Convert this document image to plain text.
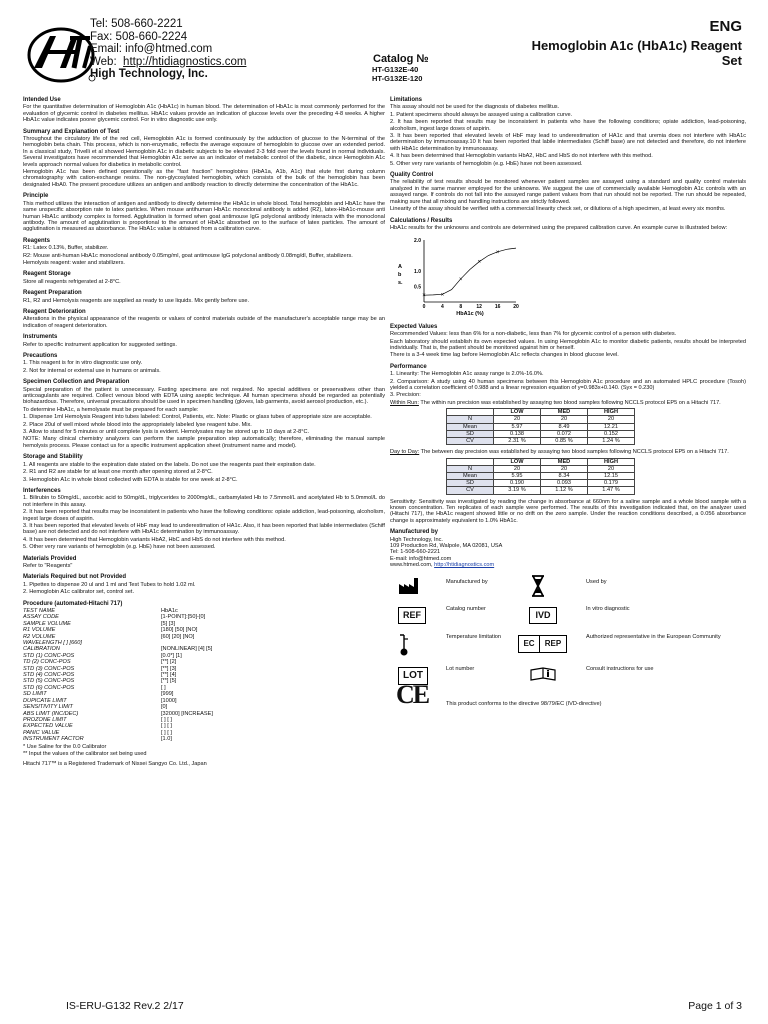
Tel: 508-660-2221
Fax: 508-660-2224
Email: info@htmed.com
Web:  http://htidiagnostics.com
High Technology, Inc.
ENG
Hemoglobin A1c (HbA1c) Reagent
Set
Catalog №
HT-G132E-40
HT-G132E-120
Intended Use

For the quantitative determination of Hemoglobin A1c (HbA1c) in human blood. The determination of HbA1c is most commonly performed for the evaluation of glycemic control in diabetes mellitus. HbA1c values provide an indication of glucose levels over the preceding 4-8 weeks. A higher HbA1c value indicates poorer glycemic control. For in vitro diagnostic use only.

Summary and Explanation of Test

Throughout the circulatory life of the red cell, Hemoglobin A1c is formed continuously by the adduction of glucose to the N-terminal of the hemoglobin beta chain. This process, which is non-enzymatic, reflects the average exposure of hemoglobin to glucose over an extended period. In a classical study, Trivelli et al showed Hemoglobin A1c in diabetic subjects to be elevated 2-3 fold over the levels found in normal individuals. Several investigators have recommended that Hemoglobin A1c serve as an indicator of metabolic control of the diabetic, since Hemoglobin A1c levels approach normal values for diabetics in metabolic control.

Hemoglobin A1c has been defined operationally as the "fast fraction" hemoglobins (HbA1a, A1b, A1c) that elute first during column chromatography with cation-exchange resins. The non-glycosylated hemoglobin, which consists of the bulk of the hemoglobin has been designated HbA0. The present procedure utilizes an antigen and antibody reaction to directly determine the concentration of the HbA1c.

Principle

This method utilizes the interaction of antigen and antibody to directly determine the HbA1c in whole blood. Total hemoglobin and HbA1c have the same unspecific absorption rate to latex particles. When mouse antihuman HbA1c monoclonal antibody is added (R2), latex-HbA1c-mouse anti human HbA1c antibody complex is formed. Agglutination is formed when goat antimouse IgG polyclonal antibody interacts with the monoclonal antibody. The amount of agglutination is proportional to the amount of HbA1c absorbed on to the surface of latex particles. The amount of agglutination is measured as absorbance. The HbA1c value is obtained from a calibration curve.

Reagents

R1: Latex 0.13%, Buffer, stabilizer.

R2: Mouse anti-human HbA1c monoclonal antibody 0.05mg/ml, goat antimouse IgG polyclonal antibody 0.08mg/dl, Buffer, stabilizers.

Hemolysis reagent: water and stabilizers.

Reagent Storage

Store all reagents refrigerated at 2-8°C.

Reagent Preparation

R1, R2 and Hemolysis reagents are supplied as ready to use liquids. Mix gently before use.

Reagent Deterioration

Alterations in the physical appearance of the reagents or values of control materials outside of the manufacturer's acceptable range may be an indication of reagent deterioration.

Instruments

Refer to specific instrument application for suggested settings.

Precautions

1. This reagent is for in vitro diagnostic use only.

2. Not for internal or external use in humans or animals.

Specimen Collection and Preparation

Special preparation of the patient is unnecessary. Fasting specimens are not required. No special additives or preservatives other than anticoagulants are required. Collect venous blood with EDTA using aseptic technique. All human specimens should be regarded as potentially biohazardous. Therefore, universal precautions should be used in specimen handling (gloves, lab garments, avoid aerosol production, etc.).

To determine HbA1c, a hemolysate must be prepared for each sample:

1. Dispense 1ml Hemolysis Reagent into tubes labeled: Control, Patients, etc. Note: Plastic or glass tubes of appropriate size are acceptable.

2. Place 20ul of well mixed whole blood into the appropriately labeled lyse reagent tube. Mix.

3. Allow to stand for 5 minutes or until complete lysis is evident. Hemolysates may be stored up to 10 days at 2-8°C.

NOTE: Many clinical chemistry analyzers can perform the sample preparation step automatically; therefore, eliminating the manual sample hemolysis process. Please contact us for a specific instrument application sheet (instrument name and model).

Storage and Stability

1. All reagents are stable to the expiration date stated on the labels. Do not use the reagents past their expiration date.

2. R1 and R2 are stable for at least one month after opening stored at 2-8°C.

3. Hemoglobin A1c in whole blood collected with EDTA is stable for one week at 2-8°C.

Interferences

1. Bilirubin to 50mg/dL, ascorbic acid to 50mg/dL, triglycerides to 2000mg/dL, carbamylated Hb to 7.5mmol/L and acetylated Hb to 5.0mmol/L do not interfere in this assay.

2. It has been reported that results may be inconsistent in patients who have the following conditions: opiate addiction, lead-poisoning, alcoholism, ingest large doses of aspirin.

3. It has been reported that elevated levels of HbF may lead to underestimation of HA1c. Also, it has been reported that labile intermediates (Schiff base) are not detected and do not interfere with HbA1c determination by immunoassay.

4. It has been determined that Hemoglobin variants HbA2, HbC and HbS do not interfere with this method.

5. Other very rare variants of hemoglobin (e.g. HbE) have not been assessed.

Materials Provided

Refer to "Reagents"

Materials Required but not Provided

1. Pipettes to dispense 20 ul and 1 ml and Test Tubes to hold 1.02 ml.

2. Hemoglobin A1c calibrator set, control set.

Procedure (automated-Hitachi 717)
TEST NAME	HbA1c
ASSAY CODE	[1-POINT]:[50]-[0]
SAMPLE VOLUME	[5] [3]
R1 VOLUME	[180] [50] [NO]
R2 VOLUME	[60] [20] [NO]
WAVELENGTH [ ] [660]
CALIBRATION	[NONLINEAR] [4] [5]
STD (1) CONC-POS	[0.0*] [1]
TD (2) CONC-POS	[**] [2]
STD (3) CONC-POS	[**] [3]
STD (4) CONC-POS	[**] [4]
STD (5) CONC-POS	[**] [5]
STD (6) CONC-POS	[ ]
SD LIMIT	[999]
DUPICATE LIMIT	[1000]
SENSITIVITY LIMIT	[0]
ABS LIMIT (INC/DEC)	[32000] [INCREASE]
PROZONE LIMIT	[ ] [ ]
EXPECTED VALUE	[ ] [ ]
PANIC VALUE	[ ] [ ]
INSTRUMENT FACTOR	[1.0]

* Use Saline for the 0.0 Calibrator

** Input the values of the calibrator set being used

Hitachi 717™ is a Registered Trademark of Nissei Sangyo Co. Ltd., Japan

Limitations

This assay should not be used for the diagnosis of diabetes mellitus.

1. Patient specimens should always be assayed using a calibration curve.

2. It has been reported that results may be inconsistent in patients who have the following conditions; opiate addiction, lead-poisoning, alcoholism, ingest large doses of aspirin.

3. It has been reported that elevated levels of HbF may lead to underestimation of HA1c and that uremia does not interfere with HbA1c determination by immunoassay.10 It has been reported that labile intermediates (Schiff base) are not detected and therefore, do not interfere with HbA1c determination by immunoassay.

4. It has been determined that Hemoglobin variants HbA2, HbC and HbS do not interfere with this method.

5. Other very rare variants of hemoglobin (e.g. HbE) have not been assessed.

Quality Control

The reliability of test results should be monitored whenever patient samples are assayed using a standard and quality control materials analyzed in the same manner employed for the unknowns. We suggest the use of commercially available Hemoglobin A1c controls with an assayed range. If controls do not fall into the assayed range patient values from that run should not be reported. The run should be repeated, making sure that all mixing and handling instructions are strictly followed.

Linearity of the assay should be verified with a commercial linearity check set, or dilutions of a high specimen, at least every six months.

Calculations / Results

HbA1c results for the unknowns and controls are determined using the prepared calibration curve. An example curve is illustrated below:

0	4	8	12	16	20
0.5
1.0
2.0
HbA1c (%)
A
b
s.
× ×
×
×
×
Expected Values

Recommended Values: less than 6% for a non-diabetic, less than 7% for glycemic control of a person with diabetes.

Each laboratory should establish its own expected values. In using Hemoglobin A1c to monitor diabetic patients, results should be interpreted individually. That is, the patient should be monitored against him or herself.

There is a 3-4 week time lag before Hemoglobin A1c reflects changes in blood glucose level.

Performance

1. Linearity: The Hemoglobin A1c assay range is 2.0%-16.0%.

2. Comparison: A study using 40 human specimens between this Hemoglobin A1c procedure and an automated HPLC procedure (Tosoh) yielded a correlation coefficient of 0.988 and a linear regression equation of y=0.983x+0.140. (Syx = 0.230)

3. Precision:

Within Run: The within run precision was established by assaying two blood samples following NCCLS protocol EP5 on a Hitachi 717.

	LOW	MED	HIGH
N	20	20	20
Mean	5.97	8.49	12.21
SD	0.138	0.072	0.152
CV	2.31 %	0.85 %	1.24 %

Day to Day: The between day precision was established by assaying two blood samples following NCCLS protocol EP5 on a Hitachi 717.

	LOW	MED	HIGH
N	20	20	20
Mean	5.95	8.34	12.15
SD	0.190	0.093	0.179
CV	3.19 %	1.12 %	1.47 %

Sensitivity: Sensitivity was investigated by reading the change in absorbance at 660nm for a saline sample and a whole blood sample with a known concentration. Ten replicates of each sample were performed. The results of this investigation indicated that, on the analyzer used (Hitachi 717), the HbA1c reagent showed little or no drift on the zero sample. Under the reaction conditions described, a 0.056 absorbance change is approximately equivalent to 1.0% HbA1c.

Manufactured by
High Technology, Inc.
109 Production Rd, Walpole, MA 02081, USA
Tel: 1-508-660-2221
E-mail: info@htmed.com
www.htmed.com, http://htidiagnostics.com
Manufactured by	Used by
REF
Catalog number
IVD
In vitro diagnostic
Temperature limitation
EC	REP
Authorized representative in the European Community
LOT
Lot number	Consult instructions for use
CE	This product conforms to the directive 98/79/EC (IVD-directive)
IS-ERU-G132 Rev.2 2/17	Page 1 of 3
